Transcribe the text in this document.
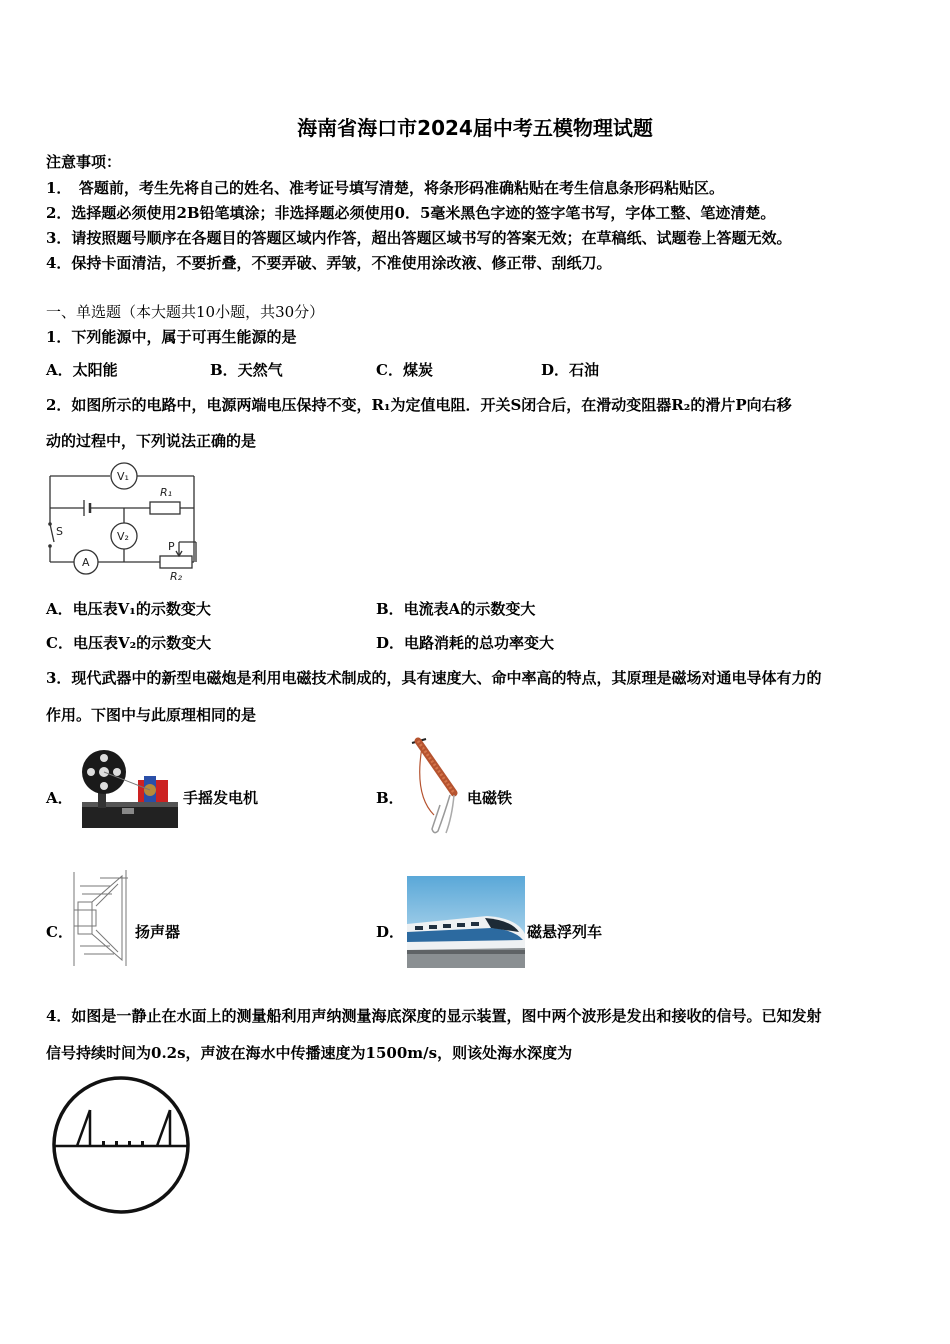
海南省海口市2024届中考五模物理试题
注意事项：
1．　答题前，考生先将自己的姓名、准考证号填写清楚，将条形码准确粘贴在考生信息条形码粘贴区。
2．选择题必须使用2B铅笔填涂；非选择题必须使用0．5毫米黑色字迹的签字笔书写，字体工整、笔迹清楚。
3．请按照题号顺序在各题目的答题区域内作答，超出答题区域书写的答案无效；在草稿纸、试题卷上答题无效。
4．保持卡面清洁，不要折叠，不要弄破、弄皱，不准使用涂改液、修正带、刮纸刀。
一、单选题（本大题共10小题，共30分）
1．下列能源中，属于可再生能源的是
A．太阳能	B．天然气	C．煤炭	D．石油
2．如图所示的电路中，电源两端电压保持不变，R₁为定值电阻．开关S闭合后，在滑动变阻器R₂的滑片P向右移
动的过程中，下列说法正确的是
V₁
V₂
A
R₁
R₂
S
P
A．电压表V₁的示数变大	B．电流表A的示数变大
C．电压表V₂的示数变大	D．电路消耗的总功率变大
3．现代武器中的新型电磁炮是利用电磁技术制成的，具有速度大、命中率高的特点，其原理是磁场对通电导体有力的
作用。下图中与此原理相同的是
A．	手摇发电机	B．	电磁铁
C．	扬声器	D．	磁悬浮列车
4．如图是一静止在水面上的测量船利用声纳测量海底深度的显示装置，图中两个波形是发出和接收的信号。已知发射
信号持续时间为0.2s，声波在海水中传播速度为1500m/s，则该处海水深度为
